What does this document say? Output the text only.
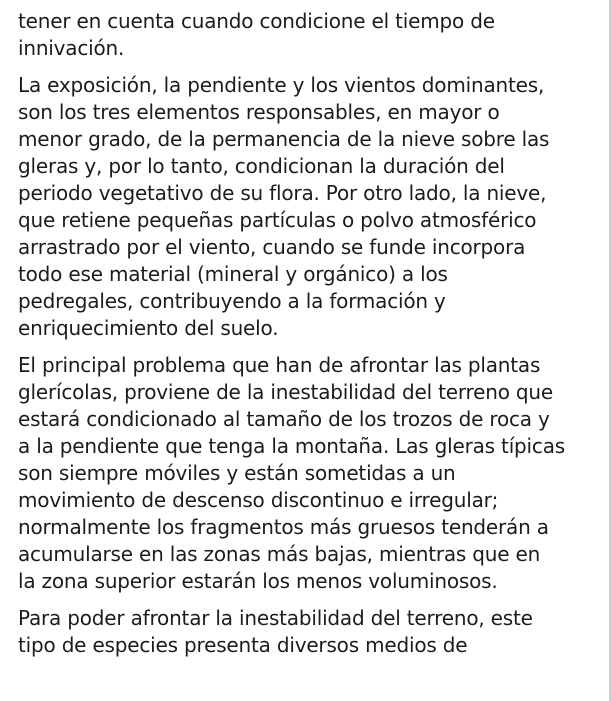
tener en cuenta cuando condicione el tiempo de
innivación.

La exposición, la pendiente y los vientos dominantes,
son los tres elementos responsables, en mayor o
menor grado, de la permanencia de la nieve sobre las
gleras y, por lo tanto, condicionan la duración del
periodo vegetativo de su flora. Por otro lado, la nieve,
que retiene pequeñas partículas o polvo atmosférico
arrastrado por el viento, cuando se funde incorpora
todo ese material (mineral y orgánico) a los
pedregales, contribuyendo a la formación y
enriquecimiento del suelo.

El principal problema que han de afrontar las plantas
glerícolas, proviene de la inestabilidad del terreno que
estará condicionado al tamaño de los trozos de roca y
a la pendiente que tenga la montaña. Las gleras típicas
son siempre móviles y están sometidas a un
movimiento de descenso discontinuo e irregular;
normalmente los fragmentos más gruesos tenderán a
acumularse en las zonas más bajas, mientras que en
la zona superior estarán los menos voluminosos.

Para poder afrontar la inestabilidad del terreno, este
tipo de especies presenta diversos medios de
